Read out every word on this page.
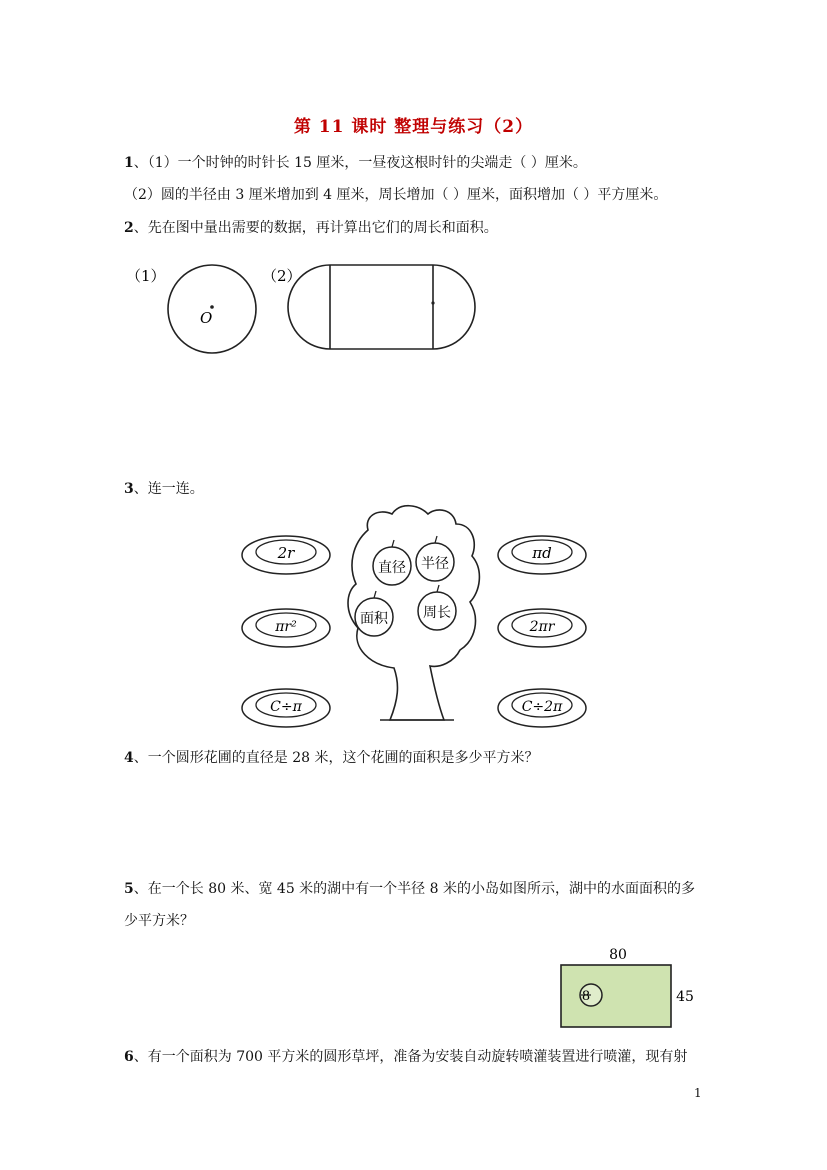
第 11 课时 整理与练习（2）
1、（1）一个时钟的时针长 15 厘米，一昼夜这根时针的尖端走（ ）厘米。
（2）圆的半径由 3 厘米增加到 4 厘米，周长增加（ ）厘米，面积增加（ ）平方厘米。
2、先在图中量出需要的数据，再计算出它们的周长和面积。
（1）
O
（2）
3、连一连。
2r
πr²
C÷π
直径 半径
面积	周长
πd
2πr
C÷2π
4、一个圆形花圃的直径是 28 米，这个花圃的面积是多少平方米？
5、在一个长 80 米、宽 45 米的湖中有一个半径 8 米的小岛如图所示，湖中的水面面积的多
少平方米？
80
8	45
6、有一个面积为 700 平方米的圆形草坪，准备为安装自动旋转喷灌装置进行喷灌，现有射
1
